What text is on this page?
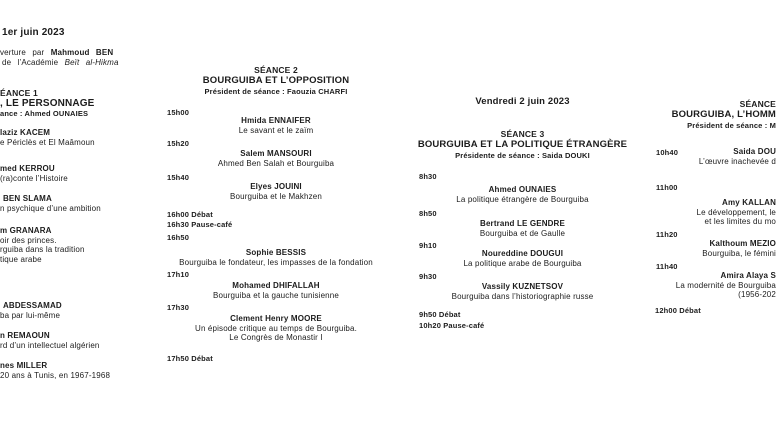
1er juin 2023
verture par Mahmoud BEN
de l’Académie Beït al-Hikma
ÉANCE 1
, LE PERSONNAGE
ance : Ahmed OUNAIES
laziz KACEM
e Périclès et El Maâmoun
med KERROU
(ra)conte l’Histoire
BEN SLAMA
n psychique d’une ambition
m GRANARA
oir des princes.
rguiba dans la tradition
tique arabe
ABDESSAMAD
ba par lui-même
n REMAOUN
rd d’un intellectuel algérien
nes MILLER
20 ans à Tunis, en 1967-1968
15h00
15h20
15h40
16h00 Débat
16h30 Pause-café
16h50
17h10
17h30
17h50 Débat
SÉANCE 2
BOURGUIBA ET L’OPPOSITION
Président de séance : Faouzia CHARFI
Hmida ENNAIFER
Le savant et le zaïm
Salem MANSOURI
Ahmed Ben Salah et Bourguiba
Elyes JOUINI
Bourguiba et le Makhzen
Sophie BESSIS
Bourguiba le fondateur, les impasses de la fondation
Mohamed DHIFALLAH
Bourguiba et la gauche tunisienne
Clement Henry MOORE
Un épisode critique au temps de Bourguiba.
Le Congrès de Monastir I
8h30
8h50
9h10
9h30
9h50 Débat
10h20 Pause-café
Vendredi 2 juin 2023
SÉANCE 3
BOURGUIBA ET LA POLITIQUE ÉTRANGÈRE
Présidente de séance : Saida DOUKI
Ahmed OUNAIES
La politique étrangère de Bourguiba
Bertrand LE GENDRE
Bourguiba et de Gaulle
Noureddine DOUGUI
La politique arabe de Bourguiba
Vassily KUZNETSOV
Bourguiba dans l’historiographie russe
10h40
11h00
11h20
11h40
12h00 Débat
SÉANCE
BOURGUIBA, L’HOMM
Président de séance : M
Saida DOU
L’œuvre inachevée d
Amy KALLAN
Le développement, le
et les limites du mo
Kalthoum MEZIO
Bourguiba, le fémini
Amira Alaya S
La modernité de Bourguiba
(1956-202
